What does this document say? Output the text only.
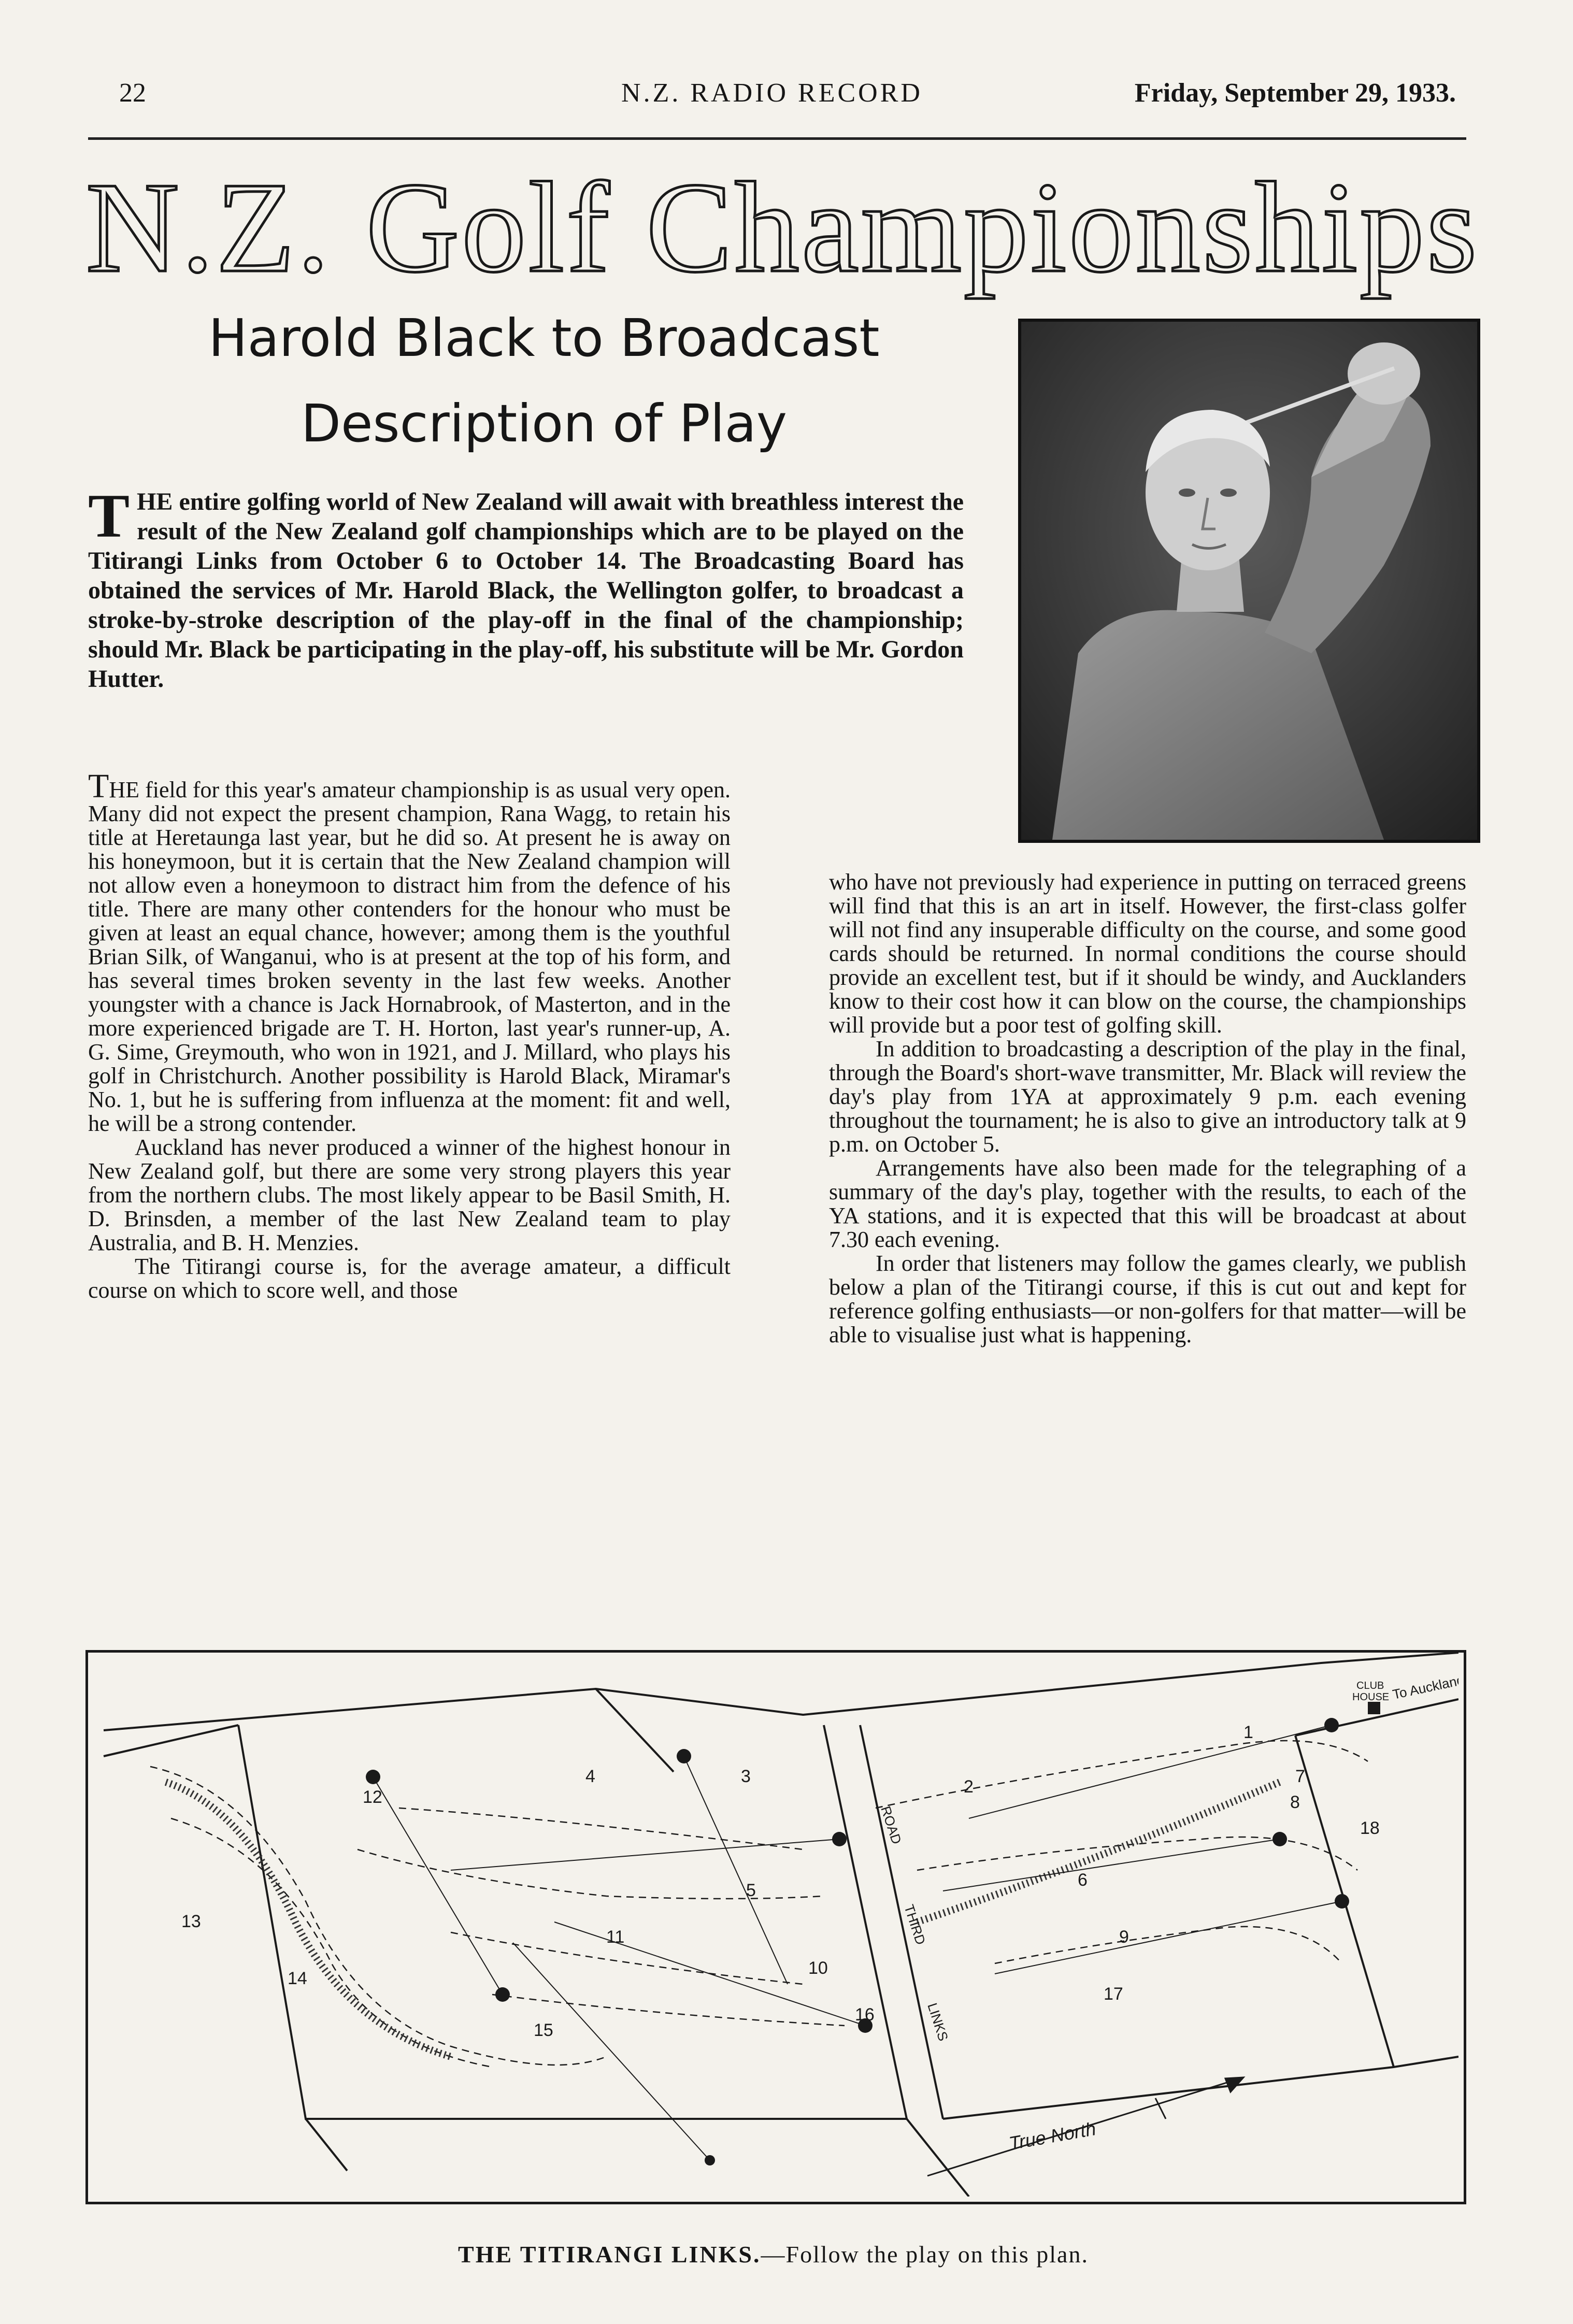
22	N.Z. RADIO RECORD	Friday, September 29, 1933.
N.Z. Golf Championships
Harold Black to Broadcast
Description of Play

THE entire golfing world of New Zealand will await with breathless interest the result of the New Zealand golf championships which are to be played on the Titirangi Links from October 6 to October 14. The Broadcasting Board has obtained the services of Mr. Harold Black, the Wellington golfer, to broadcast a stroke-by-stroke description of the play-off in the final of the championship; should Mr. Black be participating in the play-off, his substitute will be Mr. Gordon Hutter.

THE field for this year's amateur championship is as usual very open. Many did not expect the present champion, Rana Wagg, to retain his title at Heretaunga last year, but he did so. At present he is away on his honeymoon, but it is certain that the New Zealand champion will not allow even a honeymoon to distract him from the defence of his title. There are many other contenders for the honour who must be given at least an equal chance, however; among them is the youthful Brian Silk, of Wanganui, who is at present at the top of his form, and has several times broken seventy in the last few weeks. Another youngster with a chance is Jack Hornabrook, of Masterton, and in the more experienced brigade are T. H. Horton, last year's runner-up, A. G. Sime, Greymouth, who won in 1921, and J. Millard, who plays his golf in Christchurch. Another possibility is Harold Black, Miramar's No. 1, but he is suffering from influenza at the moment: fit and well, he will be a strong contender.

Auckland has never produced a winner of the highest honour in New Zealand golf, but there are some very strong players this year from the northern clubs. The most likely appear to be Basil Smith, H. D. Brinsden, a member of the last New Zealand team to play Australia, and B. H. Menzies.

The Titirangi course is, for the average amateur, a difficult course on which to score well, and those

who have not previously had experience in putting on terraced greens will find that this is an art in itself. However, the first-class golfer will not find any insuperable difficulty on the course, and some good cards should be returned. In normal conditions the course should provide an excellent test, but if it should be windy, and Aucklanders know to their cost how it can blow on the course, the championships will provide but a poor test of golfing skill.

In addition to broadcasting a description of the play in the final, through the Board's short-wave transmitter, Mr. Black will review the day's play from 1YA at approximately 9 p.m. each evening throughout the tournament; he is also to give an introductory talk at 9 p.m. on October 5.

Arrangements have also been made for the telegraphing of a summary of the day's play, together with the results, to each of the YA stations, and it is expected that this will be broadcast at about 7.30 each evening.

In order that listeners may follow the games clearly, we publish below a plan of the Titirangi course, if this is cut out and kept for reference golfing enthusiasts—or non-golfers for that matter—will be able to visualise just what is happening.

1
2
3
4
5
6
7
8
9
10
11
12
13
14
15
16
17
18
CLUB
HOUSE To Auckland
ROAD
THIRD
LINKS
True North
THE TITIRANGI LINKS.—Follow the play on this plan.
